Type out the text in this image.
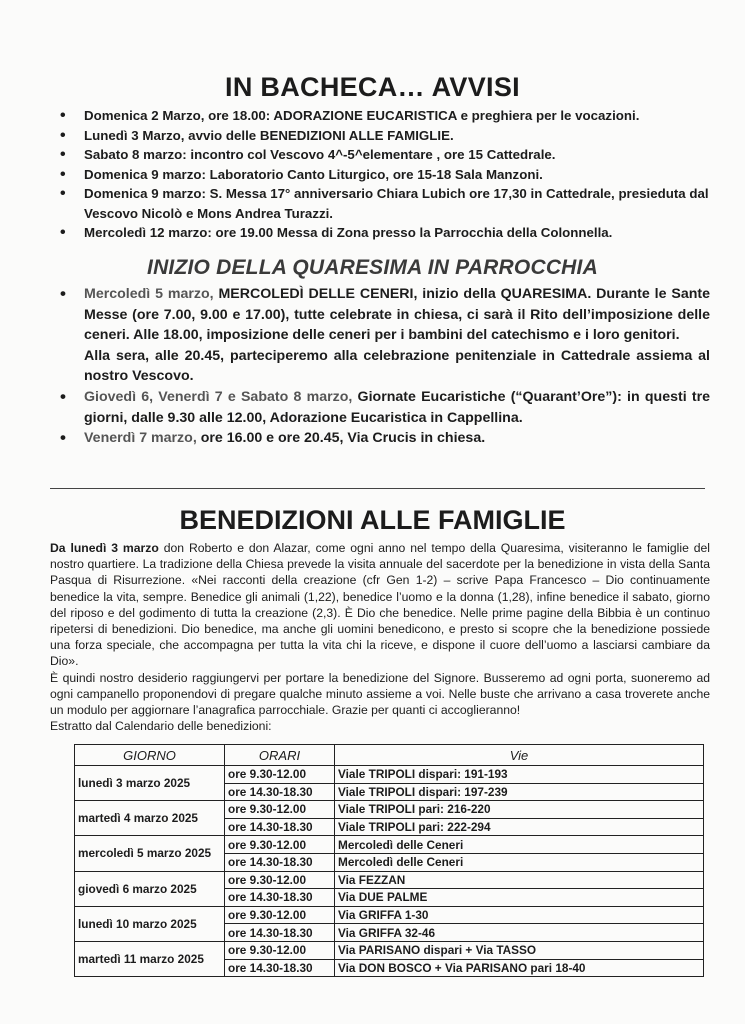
IN BACHECA… AVVISI
• Domenica 2 Marzo, ore 18.00: ADORAZIONE EUCARISTICA e preghiera per le vocazioni.
• Lunedì 3 Marzo, avvio delle BENEDIZIONI ALLE FAMIGLIE.
• Sabato 8 marzo: incontro col Vescovo 4^-5^elementare , ore 15 Cattedrale.
• Domenica 9 marzo: Laboratorio Canto Liturgico, ore 15-18 Sala Manzoni.
• Domenica 9 marzo: S. Messa 17° anniversario Chiara Lubich ore 17,30 in Cattedrale, presieduta dal Vescovo Nicolò e Mons Andrea Turazzi.
• Mercoledì 12 marzo: ore 19.00 Messa di Zona presso la Parrocchia della Colonnella.
INIZIO DELLA QUARESIMA IN PARROCCHIA
• Mercoledì 5 marzo, MERCOLEDÌ DELLE CENERI, inizio della QUARESIMA. Durante le Sante Messe (ore 7.00, 9.00 e 17.00), tutte celebrate in chiesa, ci sarà il Rito dell’imposizione delle ceneri. Alle 18.00, imposizione delle ceneri per i bambini del catechismo e i loro genitori.
Alla sera, alle 20.45, parteciperemo alla celebrazione penitenziale in Cattedrale assiema al nostro Vescovo.
• Giovedì 6, Venerdì 7 e Sabato 8 marzo, Giornate Eucaristiche (“Quarant’Ore”): in questi tre giorni, dalle 9.30 alle 12.00, Adorazione Eucaristica in Cappellina.
• Venerdì 7 marzo, ore 16.00 e ore 20.45, Via Crucis in chiesa.
BENEDIZIONI ALLE FAMIGLIE

Da lunedì 3 marzo don Roberto e don Alazar, come ogni anno nel tempo della Quaresima, visiteranno le famiglie del nostro quartiere. La tradizione della Chiesa prevede la visita annuale del sacerdote per la benedizione in vista della Santa Pasqua di Risurrezione. «Nei racconti della creazione (cfr Gen 1-2) – scrive Papa Francesco – Dio continuamente benedice la vita, sempre. Benedice gli animali (1,22), benedice l’uomo e la donna (1,28), infine benedice il sabato, giorno del riposo e del godimento di tutta la creazione (2,3). È Dio che benedice. Nelle prime pagine della Bibbia è un continuo ripetersi di benedizioni. Dio benedice, ma anche gli uomini benedicono, e presto si scopre che la benedizione possiede una forza speciale, che accompagna per tutta la vita chi la riceve, e dispone il cuore dell’uomo a lasciarsi cambiare da Dio».

È quindi nostro desiderio raggiungervi per portare la benedizione del Signore. Busseremo ad ogni porta, suoneremo ad ogni campanello proponendovi di pregare qualche minuto assieme a voi. Nelle buste che arrivano a casa troverete anche un modulo per aggiornare l’anagrafica parrocchiale. Grazie per quanti ci accoglieranno!

Estratto dal Calendario delle benedizioni:

GIORNO	ORARI	Vie
lunedì 3 marzo 2025	ore 9.30-12.00	Viale TRIPOLI dispari: 191-193
	ore 14.30-18.30	Viale TRIPOLI dispari: 197-239
martedì 4 marzo 2025	ore 9.30-12.00	Viale TRIPOLI pari: 216-220
	ore 14.30-18.30	Viale TRIPOLI pari: 222-294
mercoledì 5 marzo 2025	ore 9.30-12.00	Mercoledì delle Ceneri
	ore 14.30-18.30	Mercoledì delle Ceneri
giovedì 6 marzo 2025	ore 9.30-12.00	Via FEZZAN
	ore 14.30-18.30	Via DUE PALME
lunedì 10 marzo 2025	ore 9.30-12.00	Via GRIFFA 1-30
	ore 14.30-18.30	Via GRIFFA 32-46
martedì 11 marzo 2025	ore 9.30-12.00	Via PARISANO dispari + Via TASSO
	ore 14.30-18.30	Via DON BOSCO + Via PARISANO pari 18-40
